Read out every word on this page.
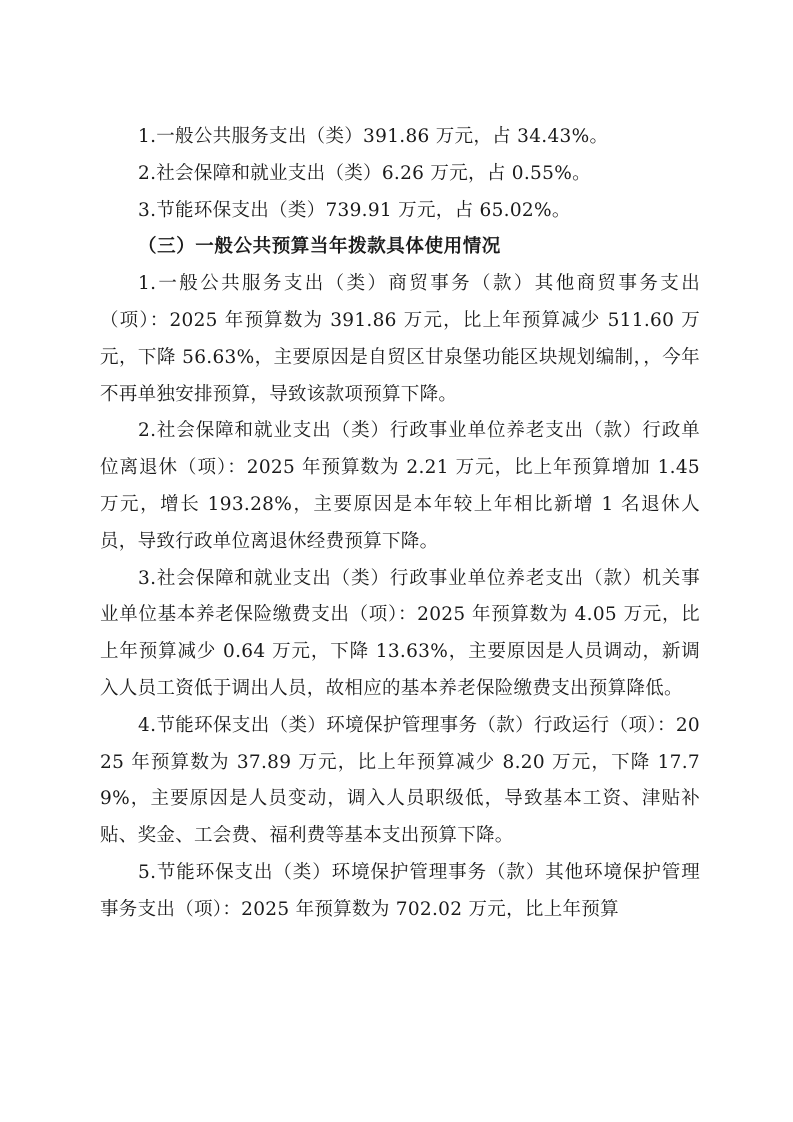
1.一般公共服务支出（类）391.86 万元，占 34.43%。

2.社会保障和就业支出（类）6.26 万元，占 0.55%。

3.节能环保支出（类）739.91 万元，占 65.02%。

（三）一般公共预算当年拨款具体使用情况

1.一般公共服务支出（类）商贸事务（款）其他商贸事务支出（项）：2025 年预算数为 391.86 万元，比上年预算减少 511.60 万元，下降 56.63%，主要原因是自贸区甘泉堡功能区块规划编制，，今年不再单独安排预算，导致该款项预算下降。

2.社会保障和就业支出（类）行政事业单位养老支出（款）行政单位离退休（项）：2025 年预算数为 2.21 万元，比上年预算增加 1.45 万元，增长 193.28%，主要原因是本年较上年相比新增 1 名退休人员，导致行政单位离退休经费预算下降。

3.社会保障和就业支出（类）行政事业单位养老支出（款）机关事业单位基本养老保险缴费支出（项）：2025 年预算数为 4.05 万元，比上年预算减少 0.64 万元，下降 13.63%，主要原因是人员调动，新调入人员工资低于调出人员，故相应的基本养老保险缴费支出预算降低。

4.节能环保支出（类）环境保护管理事务（款）行政运行（项）：2025 年预算数为 37.89 万元，比上年预算减少 8.20 万元，下降 17.79%，主要原因是人员变动，调入人员职级低，导致基本工资、津贴补贴、奖金、工会费、福利费等基本支出预算下降。

5.节能环保支出（类）环境保护管理事务（款）其他环境保护管理事务支出（项）：2025 年预算数为 702.02 万元，比上年预算
